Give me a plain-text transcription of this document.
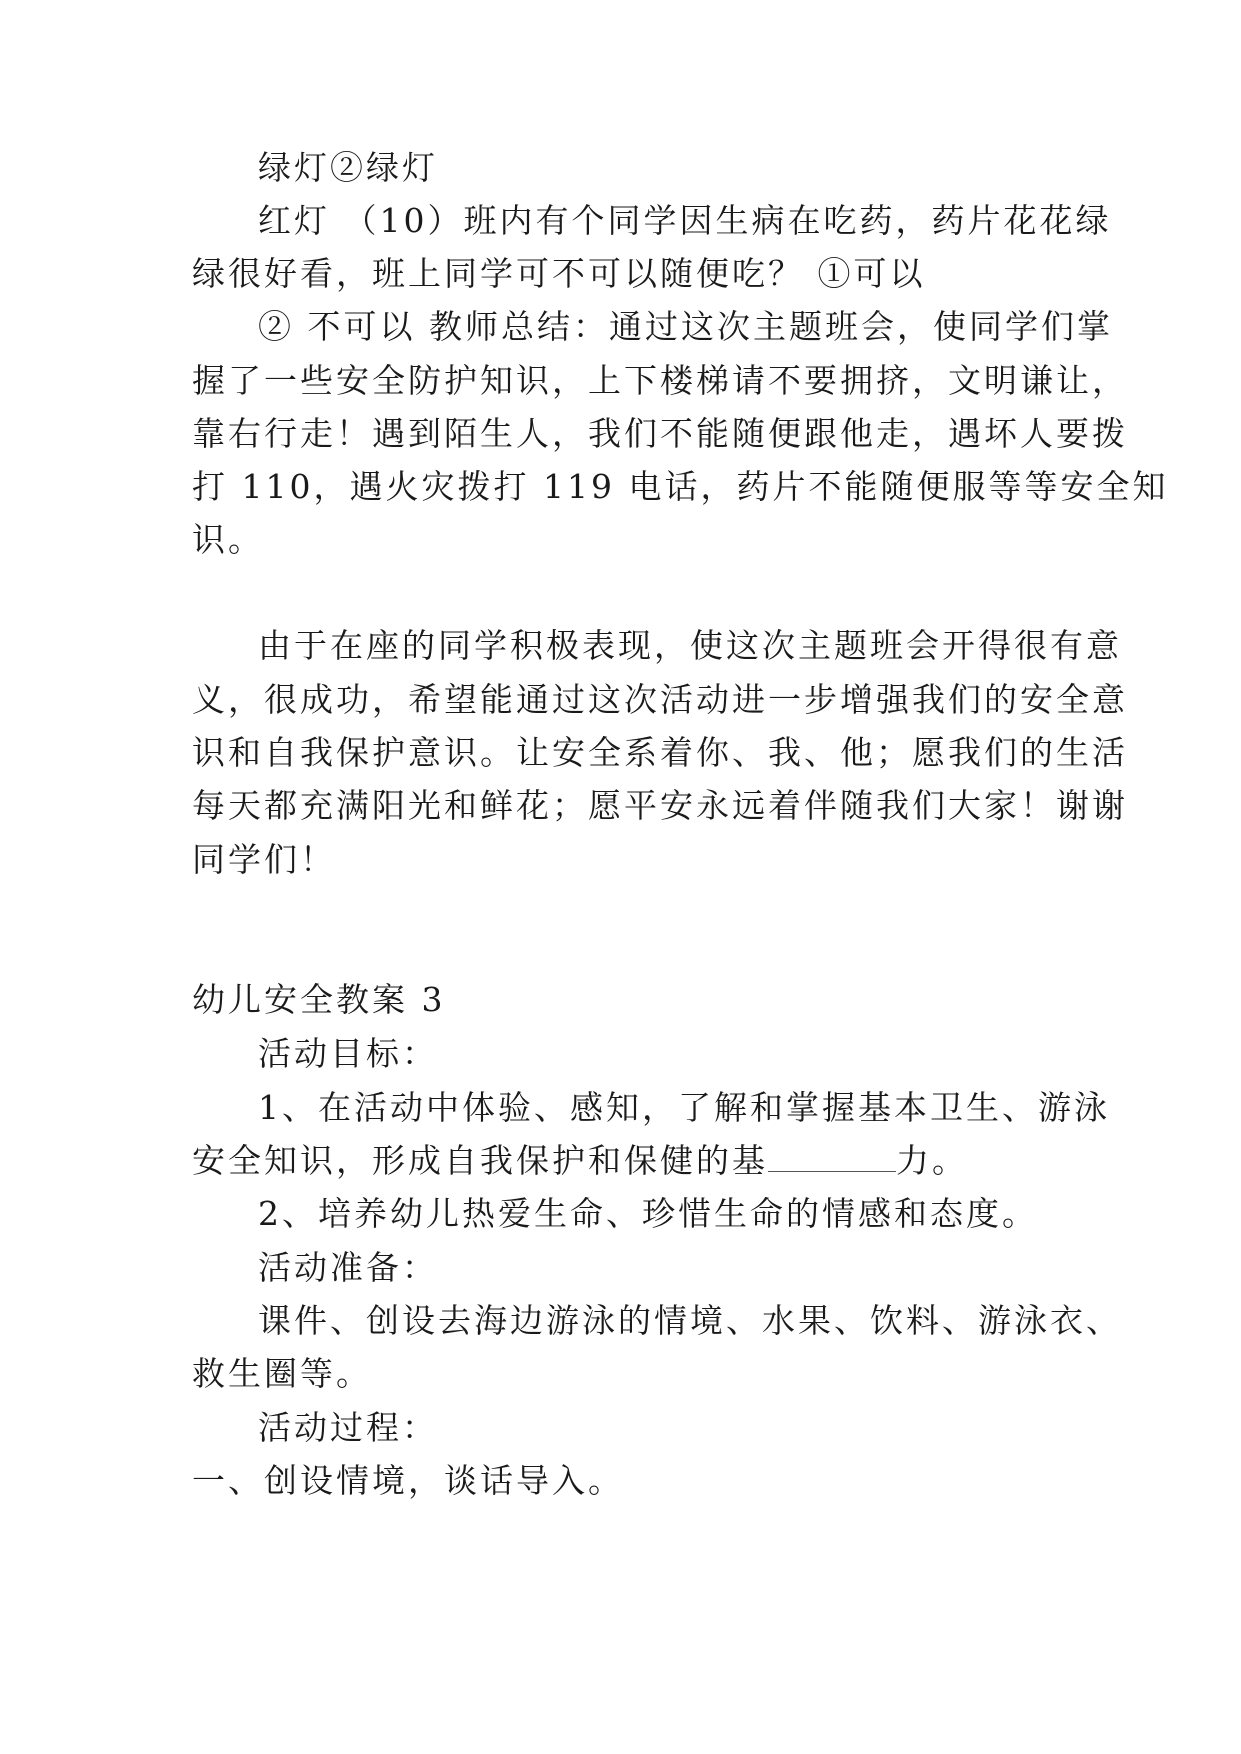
绿灯②绿灯
红灯 （10）班内有个同学因生病在吃药，药片花花绿
绿很好看，班上同学可不可以随便吃？ ①可以
② 不可以 教师总结：通过这次主题班会，使同学们掌
握了一些安全防护知识，上下楼梯请不要拥挤，文明谦让，
靠右行走！遇到陌生人，我们不能随便跟他走，遇坏人要拨
打 110，遇火灾拨打 119 电话，药片不能随便服等等安全知
识。
由于在座的同学积极表现，使这次主题班会开得很有意
义，很成功，希望能通过这次活动进一步增强我们的安全意
识和自我保护意识。让安全系着你、我、他；愿我们的生活
每天都充满阳光和鲜花；愿平安永远着伴随我们大家！谢谢
同学们！
幼儿安全教案 3
活动目标：
1、在活动中体验、感知，了解和掌握基本卫生、游泳
安全知识，形成自我保护和保健的基	力。
2、培养幼儿热爱生命、珍惜生命的情感和态度。
活动准备：
课件、创设去海边游泳的情境、水果、饮料、游泳衣、
救生圈等。
活动过程：
一、创设情境，谈话导入。
